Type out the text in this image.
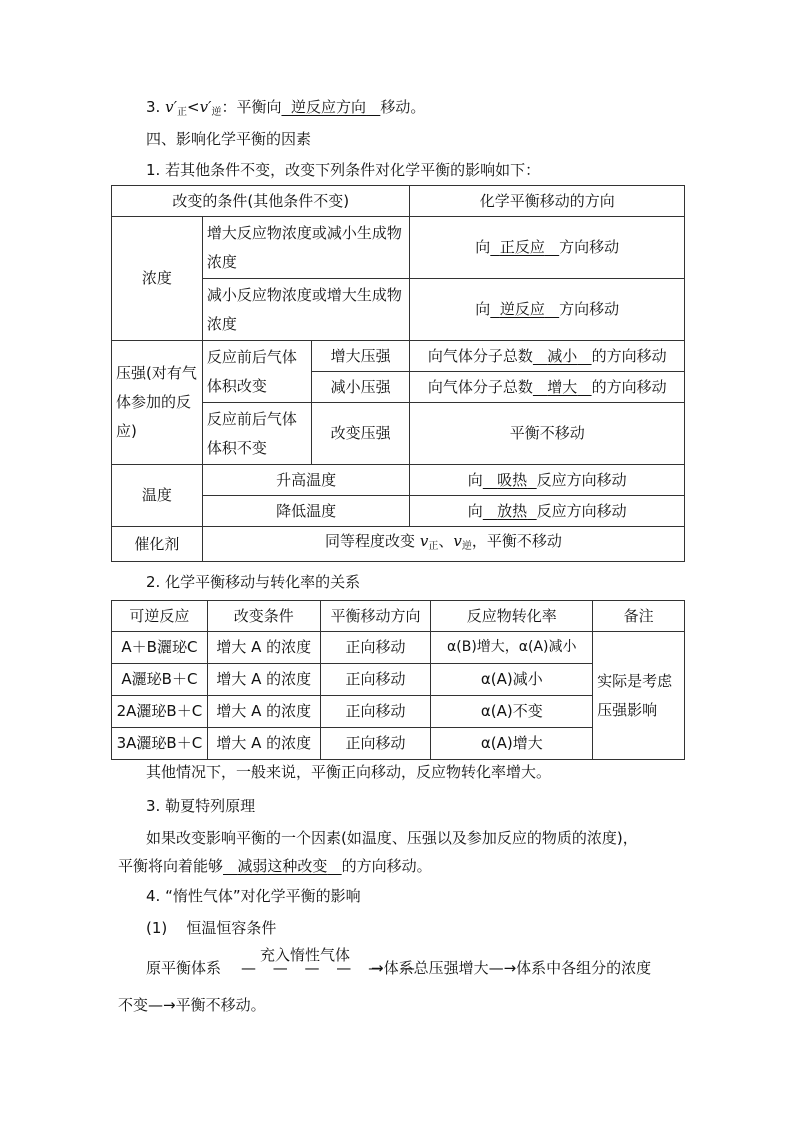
3. $v'_正<v'_逆$：平衡向 逆反应方向 移动。
四、影响化学平衡的因素
1. 若其他条件不变，改变下列条件对化学平衡的影响如下：
改变的条件(其他条件不变)			化学平衡移动的方向
浓度	增大反应物浓度或减小生成物浓度		向 正反应 方向移动
	减小反应物浓度或增大生成物浓度		向 逆反应 方向移动
压强(对有气体参加的反应)	反应前后气体体积改变	增大压强	向气体分子总数 减小 的方向移动
		减小压强	向气体分子总数 增大 的方向移动
	反应前后气体体积不变	改变压强	平衡不移动
温度	升高温度		向 吸热 反应方向移动
	降低温度		向 放热 反应方向移动
催化剂	同等程度改变 $v_正$、$v_逆$，平衡不移动		
2. 化学平衡移动与转化率的关系
可逆反应	改变条件	平衡移动方向	反应物转化率	备注
A＋B灑珌C	增大 A 的浓度	正向移动	α(B)增大，α(A)减小	实际是考虑压强影响
A灑珌B＋C	增大 A 的浓度	正向移动	α(A)减小	
2A灑珌B＋C	增大 A 的浓度	正向移动	α(A)不变	
3A灑珌B＋C	增大 A 的浓度	正向移动	α(A)增大	
其他情况下，一般来说，平衡正向移动，反应物转化率增大。
3. 勒夏特列原理
如果改变影响平衡的一个因素(如温度、压强以及参加反应的物质的浓度)，
平衡将向着能够 减弱这种改变 的方向移动。
4. “惰性气体”对化学平衡的影响
(1) 恒温恒容条件
充入惰性气体
原平衡体系 — — — — — —
→体系总压强增大—→体系中各组分的浓度
不变—→平衡不移动。
